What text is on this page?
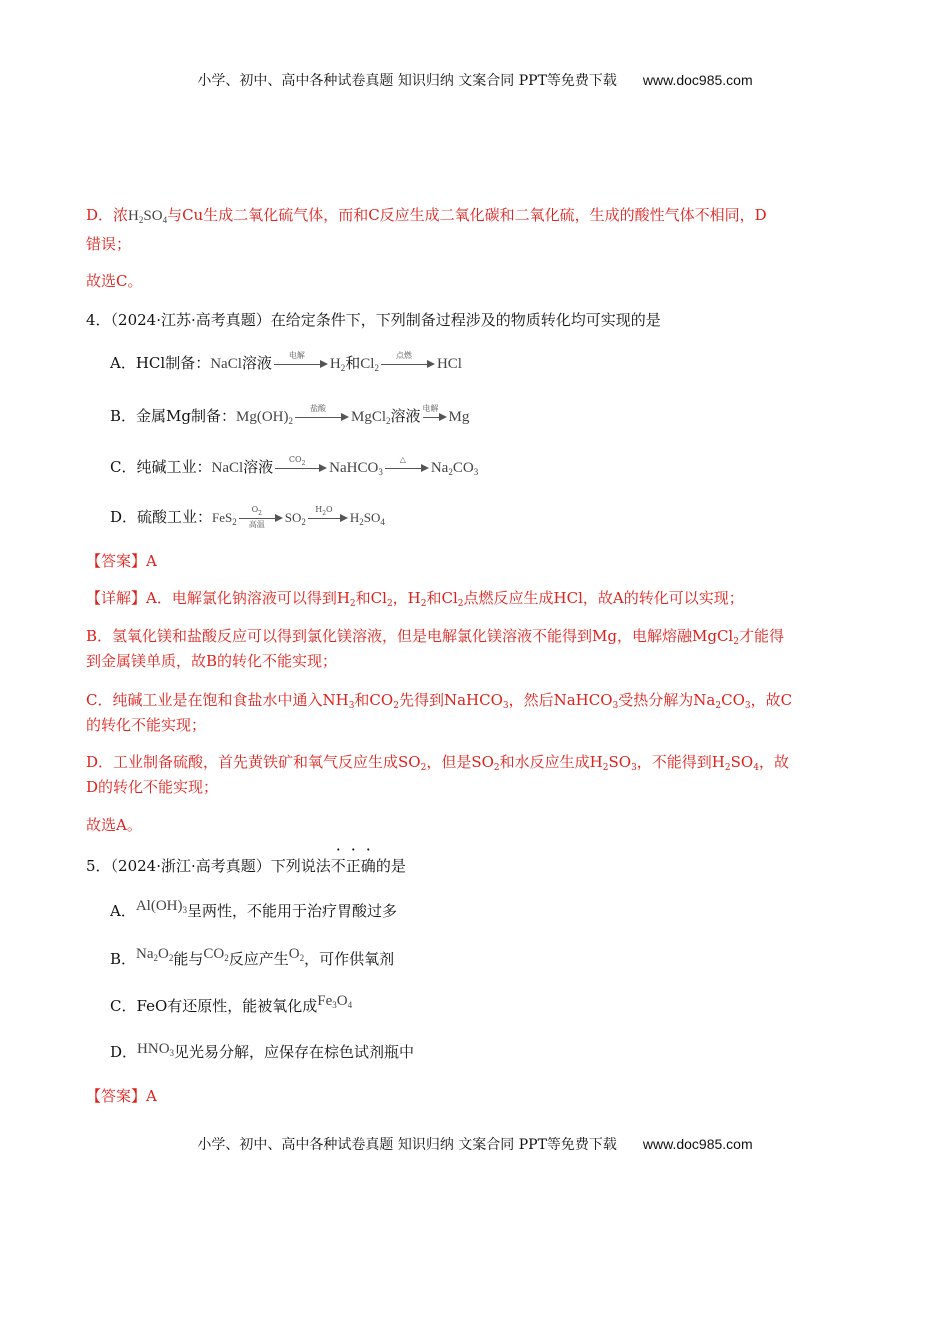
小学、初中、高中各种试卷真题 知识归纳 文案合同 PPT等免费下载 www.doc985.com
D．浓$H_2SO_4$与Cu生成二氧化硫气体，而和C反应生成二氧化碳和二氧化硫，生成的酸性气体不相同，D
错误；
故选C。
4．（2024·江苏·高考真题）在给定条件下，下列制备过程涉及的物质转化均可实现的是
A．HCl制备：NaCl溶液	电解
$H_2$和$Cl_2$
点燃
HCl
B．金属Mg制备：$Mg(OH)_2$
盐酸
MgCl$_2$溶液 电解
Mg
C．纯碱工业：NaCl溶液	$CO_2$	NaHCO$_3$
△
$Na_2CO_3$
D．硫酸工业：FeS$_2$
$O_2$
高温	$SO_2$
$H_2O$
$H_2SO_4$
【答案】A
【详解】A．电解氯化钠溶液可以得到$H_2$和$Cl_2$，$H_2$和$Cl_2$点燃反应生成HCl，故A的转化可以实现；
B．氢氧化镁和盐酸反应可以得到氯化镁溶液，但是电解氯化镁溶液不能得到Mg，电解熔融MgCl$_2$才能得
到金属镁单质，故B的转化不能实现；
C．纯碱工业是在饱和食盐水中通入$NH_3$和$CO_2$先得到NaHCO$_3$，然后NaHCO$_3$受热分解为$Na_2CO_3$，故C
的转化不能实现；
D．工业制备硫酸，首先黄铁矿和氧气反应生成$SO_2$，但是$SO_2$和水反应生成$H_2SO_3$，不能得到$H_2SO_4$，故
D的转化不能实现；
故选A。
5．（2024·浙江·高考真题）下列说法不正确的是
A．$Al(OH)_3$呈两性，不能用于治疗胃酸过多
B．$Na_2O_2$能与$CO_2$反应产生$O_2$，可作供氧剂
C．FeO有还原性，能被氧化成$Fe_3O_4$
D．$HNO_3$见光易分解，应保存在棕色试剂瓶中
【答案】A
小学、初中、高中各种试卷真题 知识归纳 文案合同 PPT等免费下载 www.doc985.com
